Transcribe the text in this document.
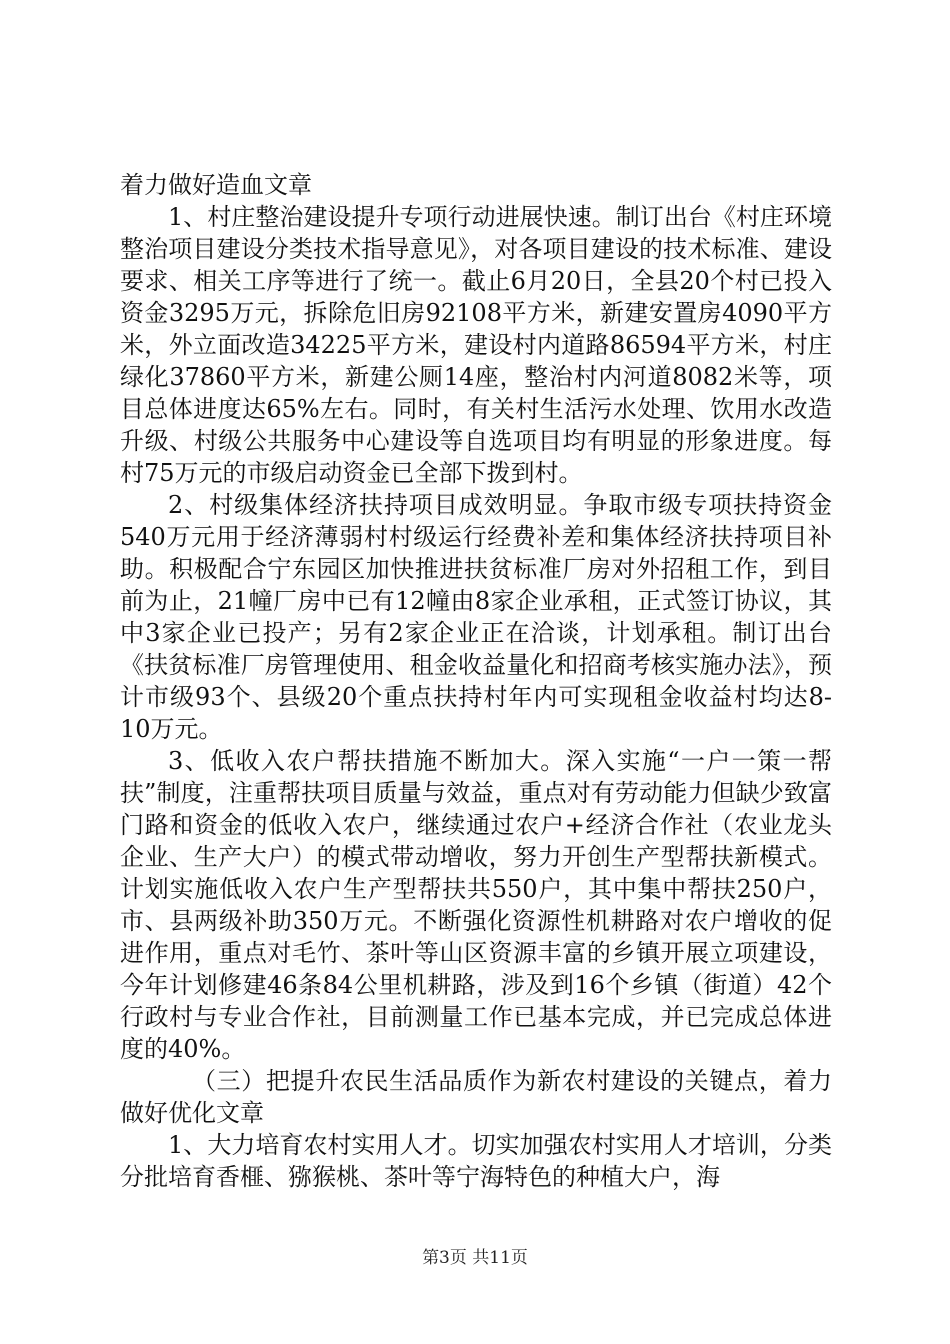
着力做好造血文章

1、村庄整治建设提升专项行动进展快速。制订出台《村庄环境整治项目建设分类技术指导意见》，对各项目建设的技术标准、建设要求、相关工序等进行了统一。截止6月20日，全县20个村已投入资金3295万元，拆除危旧房92108平方米，新建安置房4090平方米，外立面改造34225平方米，建设村内道路86594平方米，村庄绿化37860平方米，新建公厕14座，整治村内河道8082米等，项目总体进度达65%左右。同时，有关村生活污水处理、饮用水改造升级、村级公共服务中心建设等自选项目均有明显的形象进度。每村75万元的市级启动资金已全部下拨到村。

2、村级集体经济扶持项目成效明显。争取市级专项扶持资金540万元用于经济薄弱村村级运行经费补差和集体经济扶持项目补助。积极配合宁东园区加快推进扶贫标准厂房对外招租工作，到目前为止，21幢厂房中已有12幢由8家企业承租，正式签订协议，其中3家企业已投产；另有2家企业正在洽谈，计划承租。制订出台《扶贫标准厂房管理使用、租金收益量化和招商考核实施办法》，预计市级93个、县级20个重点扶持村年内可实现租金收益村均达8-10万元。

3、低收入农户帮扶措施不断加大。深入实施“一户一策一帮扶”制度，注重帮扶项目质量与效益，重点对有劳动能力但缺少致富门路和资金的低收入农户，继续通过农户+经济合作社（农业龙头企业、生产大户）的模式带动增收，努力开创生产型帮扶新模式。计划实施低收入农户生产型帮扶共550户，其中集中帮扶250户，市、县两级补助350万元。不断强化资源性机耕路对农户增收的促进作用，重点对毛竹、茶叶等山区资源丰富的乡镇开展立项建设，今年计划修建46条84公里机耕路，涉及到16个乡镇（街道）42个行政村与专业合作社，目前测量工作已基本完成，并已完成总体进度的40%。

（三）把提升农民生活品质作为新农村建设的关键点，着力做好优化文章

1、大力培育农村实用人才。切实加强农村实用人才培训，分类分批培育香榧、猕猴桃、茶叶等宁海特色的种植大户，海

第3页 共11页
